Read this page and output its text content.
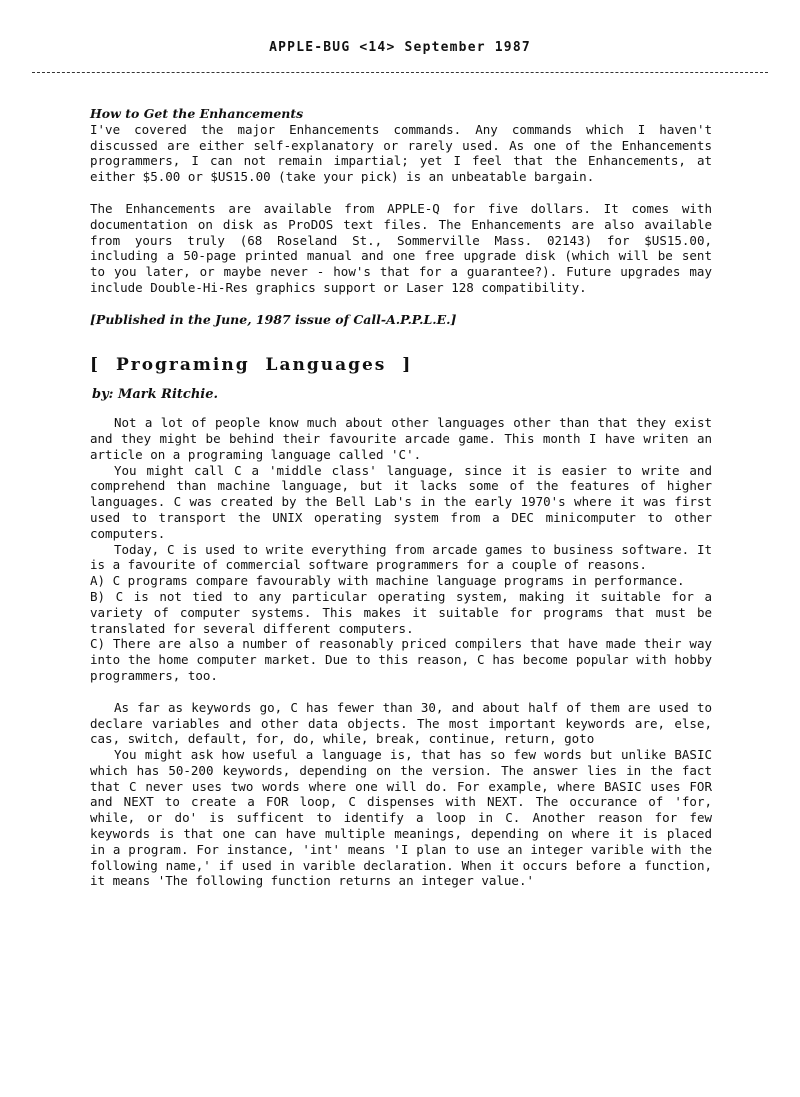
APPLE-BUG <14> September 1987
How to Get the Enhancements

I've covered the major Enhancements commands. Any commands which I haven't discussed are either self-explanatory or rarely used. As one of the Enhancements programmers, I can not remain impartial; yet I feel that the Enhancements, at either $5.00 or $US15.00 (take your pick) is an unbeatable bargain.

The Enhancements are available from APPLE-Q for five dollars. It comes with documentation on disk as ProDOS text files. The Enhancements are also available from yours truly (68 Roseland St., Sommerville Mass. 02143) for $US15.00, including a 50-page printed manual and one free upgrade disk (which will be sent to you later, or maybe never - how's that for a guarantee?). Future upgrades may include Double-Hi-Res graphics support or Laser 128 compatibility.

[Published in the June, 1987 issue of Call-A.P.P.L.E.]

[ Programing Languages ]
by: Mark Ritchie.

Not a lot of people know much about other languages other than that they exist and they might be behind their favourite arcade game. This month I have writen an article on a programing language called 'C'.

You might call C a 'middle class' language, since it is easier to write and comprehend than machine language, but it lacks some of the features of higher languages. C was created by the Bell Lab's in the early 1970's where it was first used to transport the UNIX operating system from a DEC minicomputer to other computers.

Today, C is used to write everything from arcade games to business software. It is a favourite of commercial software programmers for a couple of reasons.

A) C programs compare favourably with machine language programs in performance.

B) C is not tied to any particular operating system, making it suitable for a variety of computer systems. This makes it suitable for programs that must be translated for several different computers.

C) There are also a number of reasonably priced compilers that have made their way into the home computer market. Due to this reason, C has become popular with hobby programmers, too.

As far as keywords go, C has fewer than 30, and about half of them are used to declare variables and other data objects. The most important keywords are, else, cas, switch, default, for, do, while, break, continue, return, goto

You might ask how useful a language is, that has so few words but unlike BASIC which has 50-200 keywords, depending on the version. The answer lies in the fact that C never uses two words where one will do. For example, where BASIC uses FOR and NEXT to create a FOR loop, C dispenses with NEXT. The occurance of 'for, while, or do' is sufficent to identify a loop in C. Another reason for few keywords is that one can have multiple meanings, depending on where it is placed in a program. For instance, 'int' means 'I plan to use an integer varible with the following name,' if used in varible declaration. When it occurs before a function, it means 'The following function returns an integer value.'
